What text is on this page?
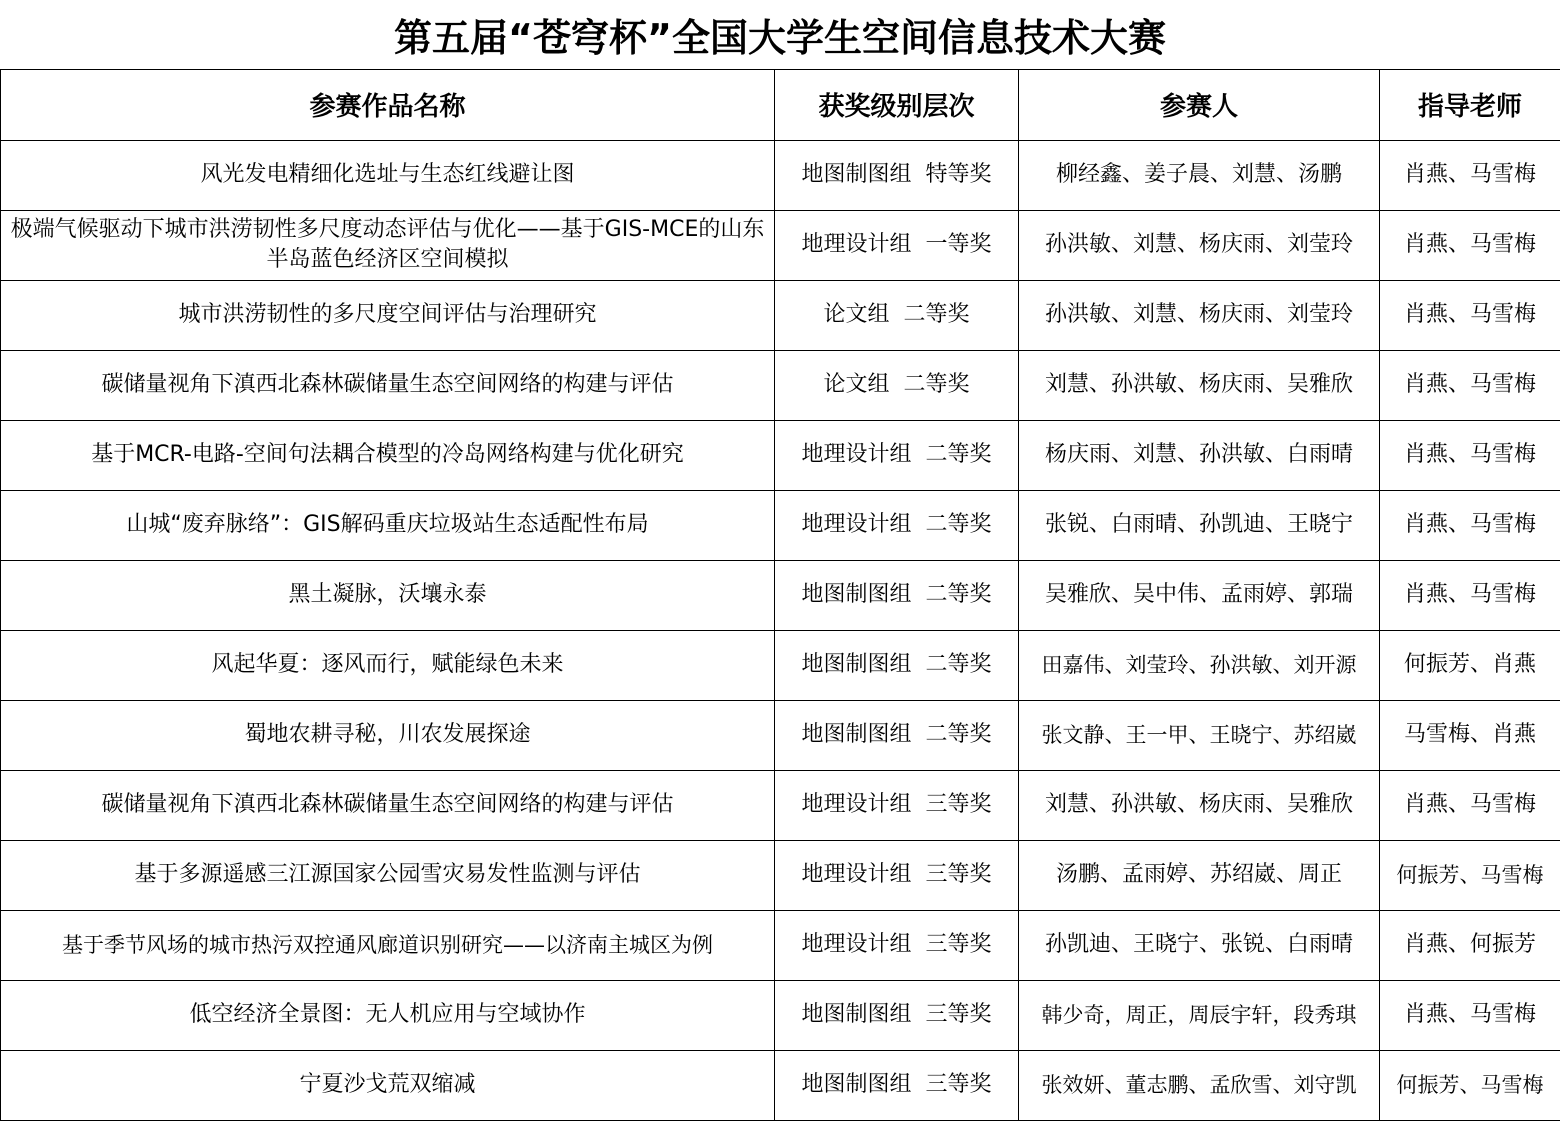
第五届“苍穹杯”全国大学生空间信息技术大赛
参赛作品名称	获奖级别层次	参赛人	指导老师
风光发电精细化选址与生态红线避让图	地图制图组 特等奖	柳经鑫、姜子晨、刘慧、汤鹏	肖燕、马雪梅
极端气候驱动下城市洪涝韧性多尺度动态评估与优化——基于GIS-MCE的山东半岛蓝色经济区空间模拟	地理设计组 一等奖	孙洪敏、刘慧、杨庆雨、刘莹玲	肖燕、马雪梅
城市洪涝韧性的多尺度空间评估与治理研究	论文组 二等奖	孙洪敏、刘慧、杨庆雨、刘莹玲	肖燕、马雪梅
碳储量视角下滇西北森林碳储量生态空间网络的构建与评估	论文组 二等奖	刘慧、孙洪敏、杨庆雨、吴雅欣	肖燕、马雪梅
基于MCR-电路-空间句法耦合模型的冷岛网络构建与优化研究	地理设计组 二等奖	杨庆雨、刘慧、孙洪敏、白雨晴	肖燕、马雪梅
山城“废弃脉络”：GIS解码重庆垃圾站生态适配性布局	地理设计组 二等奖	张锐、白雨晴、孙凯迪、王晓宁	肖燕、马雪梅
黑土凝脉，沃壤永泰	地图制图组 二等奖	吴雅欣、吴中伟、孟雨婷、郭瑞	肖燕、马雪梅
风起华夏：逐风而行，赋能绿色未来	地图制图组 二等奖	田嘉伟、刘莹玲、孙洪敏、刘开源	何振芳、肖燕
蜀地农耕寻秘，川农发展探途	地图制图组 二等奖	张文静、王一甲、王晓宁、苏绍崴	马雪梅、肖燕
碳储量视角下滇西北森林碳储量生态空间网络的构建与评估	地理设计组 三等奖	刘慧、孙洪敏、杨庆雨、吴雅欣	肖燕、马雪梅
基于多源遥感三江源国家公园雪灾易发性监测与评估	地理设计组 三等奖	汤鹏、孟雨婷、苏绍崴、周正	何振芳、马雪梅
基于季节风场的城市热污双控通风廊道识别研究——以济南主城区为例	地理设计组 三等奖	孙凯迪、王晓宁、张锐、白雨晴	肖燕、何振芳
低空经济全景图：无人机应用与空域协作	地图制图组 三等奖	韩少奇，周正，周辰宇轩，段秀琪	肖燕、马雪梅
宁夏沙戈荒双缩减	地图制图组 三等奖	张效妍、董志鹏、孟欣雪、刘守凯	何振芳、马雪梅
